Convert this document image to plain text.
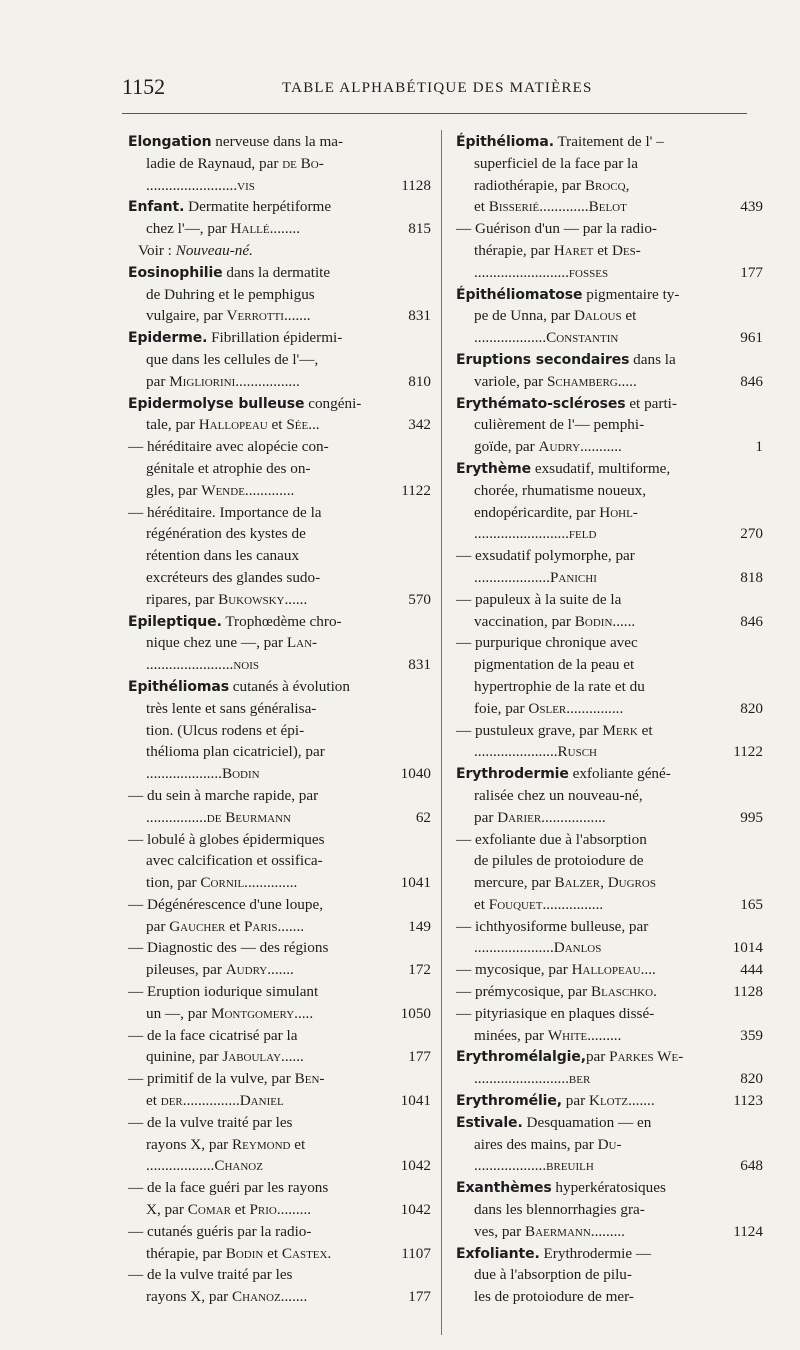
1152	TABLE ALPHABÉTIQUE DES MATIÈRES
Elongation nerveuse dans la ma-
ladie de Raynaud, par de Bo-
........................vis	1128
Enfant. Dermatite herpétiforme
chez l'—, par Hallé........	815
Voir : Nouveau-né.
Eosinophilie dans la dermatite
de Duhring et le pemphigus
vulgaire, par Verrotti.......	831
Epiderme. Fibrillation épidermi-
que dans les cellules de l'—,
par Migliorini.................	810
Epidermolyse bulleuse congéni-
tale, par Hallopeau et Sée...	342
— héréditaire avec alopécie con-
génitale et atrophie des on-
gles, par Wende.............	1122
— héréditaire. Importance de la
régénération des kystes de
rétention dans les canaux
excréteurs des glandes sudo-
ripares, par Bukowsky......	570
Epileptique. Trophœdème chro-
nique chez une —, par Lan-
.......................nois	831
Epithéliomas cutanés à évolution
très lente et sans généralisa-
tion. (Ulcus rodens et épi-
thélioma plan cicatriciel), par
....................Bodin	1040
— du sein à marche rapide, par
................de Beurmann	62
— lobulé à globes épidermiques
avec calcification et ossifica-
tion, par Cornil..............	1041
— Dégénérescence d'une loupe,
par Gaucher et Paris.......	149
— Diagnostic des — des régions
pileuses, par Audry.......	172
— Eruption iodurique simulant
un —, par Montgomery.....	1050
— de la face cicatrisé par la
quinine, par Jaboulay......	177
— primitif de la vulve, par Ben-
et der...............Daniel	1041
— de la vulve traité par les
rayons X, par Reymond et
..................Chanoz	1042
— de la face guéri par les rayons
X, par Comar et Prio.........	1042
— cutanés guéris par la radio-
thérapie, par Bodin et Castex.	1107
— de la vulve traité par les
rayons X, par Chanoz.......	177
Épithélioma. Traitement de l' –
superficiel de la face par la
radiothérapie, par Brocq,
et Bisserié.............Belot	439
— Guérison d'un — par la radio-
thérapie, par Haret et Des-
.........................fosses	177
Épithéliomatose pigmentaire ty-
pe de Unna, par Dalous et
...................Constantin	961
Eruptions secondaires dans la
variole, par Schamberg.....	846
Erythémato-scléroses et parti-
culièrement de l'— pemphi-
goïde, par Audry...........	1
Erythème exsudatif, multiforme,
chorée, rhumatisme noueux,
endopéricardite, par Hohl-
.........................feld	270
— exsudatif polymorphe, par
....................Panichi	818
— papuleux à la suite de la
vaccination, par Bodin......	846
— purpurique chronique avec
pigmentation de la peau et
hypertrophie de la rate et du
foie, par Osler...............	820
— pustuleux grave, par Merk et
......................Rusch	1122
Erythrodermie exfoliante géné-
ralisée chez un nouveau-né,
par Darier.................	995
— exfoliante due à l'absorption
de pilules de protoiodure de
mercure, par Balzer, Dugros
et Fouquet................	165
— ichthyosiforme bulleuse, par
.....................Danlos	1014
— mycosique, par Hallopeau....	444
— prémycosique, par Blaschko.	1128
— pityriasique en plaques dissé-
minées, par White.........	359
Erythromélalgie,par Parkes We-
.........................ber	820
Erythromélie, par Klotz.......	1123
Estivale. Desquamation — en
aires des mains, par Du-
...................breuilh	648
Exanthèmes hyperkératosiques
dans les blennorrhagies gra-
ves, par Baermann.........	1124
Exfoliante. Erythrodermie —
due à l'absorption de pilu-
les de protoiodure de mer-
